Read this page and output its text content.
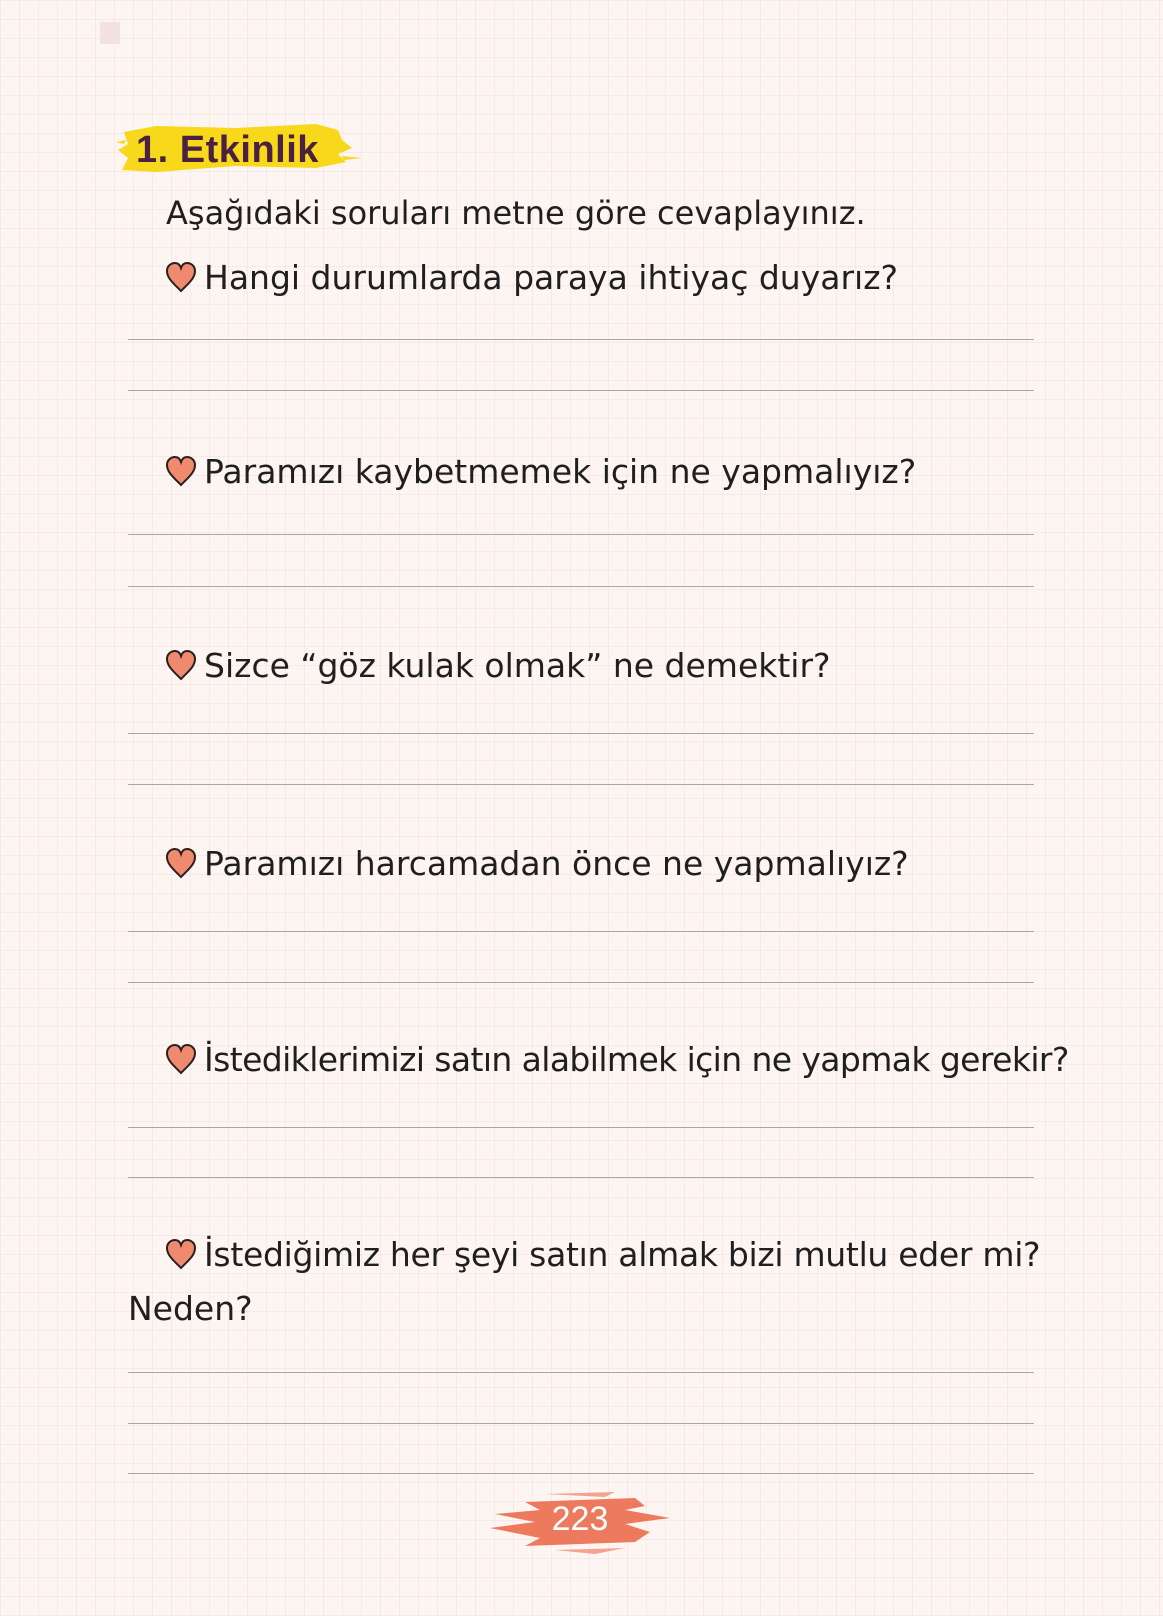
1. Etkinlik
Aşağıdaki soruları metne göre cevaplayınız.
Hangi durumlarda paraya ihtiyaç duyarız?
Paramızı kaybetmemek için ne yapmalıyız?
Sizce “göz kulak olmak” ne demektir?
Paramızı harcamadan önce ne yapmalıyız?
İstediklerimizi satın alabilmek için ne yapmak gerekir?
İstediğimiz her şeyi satın almak bizi mutlu eder mi?
Neden?
223
